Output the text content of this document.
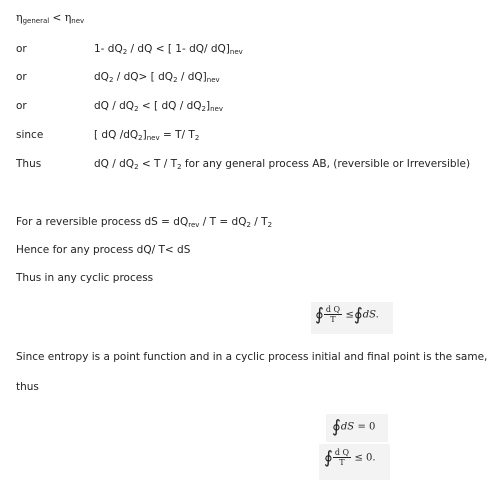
$\eta_{general} < \eta_{nev}$
or	1- $dQ_2$ / dQ < [ 1- dQ/ $dQ]_{nev}$
or	$dQ_2 / dQ>$ [ $dQ_2 / dQ]_{nev}$
or	dQ / $dQ_2$ < [ dQ / $dQ_2]_{nev}$
since	[ dQ $/dQ_2]_{nev} = T/$ $T_2$
Thus	dQ / $dQ_2 < T / T_2$ for any general process AB, (reversible or Irreversible)
For a reversible process dS = $dQ_{rev} / T = dQ_2 / T_2$
Hence for any process dQ/ T< dS
Thus in any cyclic process
∮ $\frac{\text{d Q}}{T}$ ≤∮dS.
Since entropy is a point function and in a cyclic process initial and final point is the same,
thus
∮dS = 0
∮ $\frac{\text{d Q}}{T} \le 0$.
